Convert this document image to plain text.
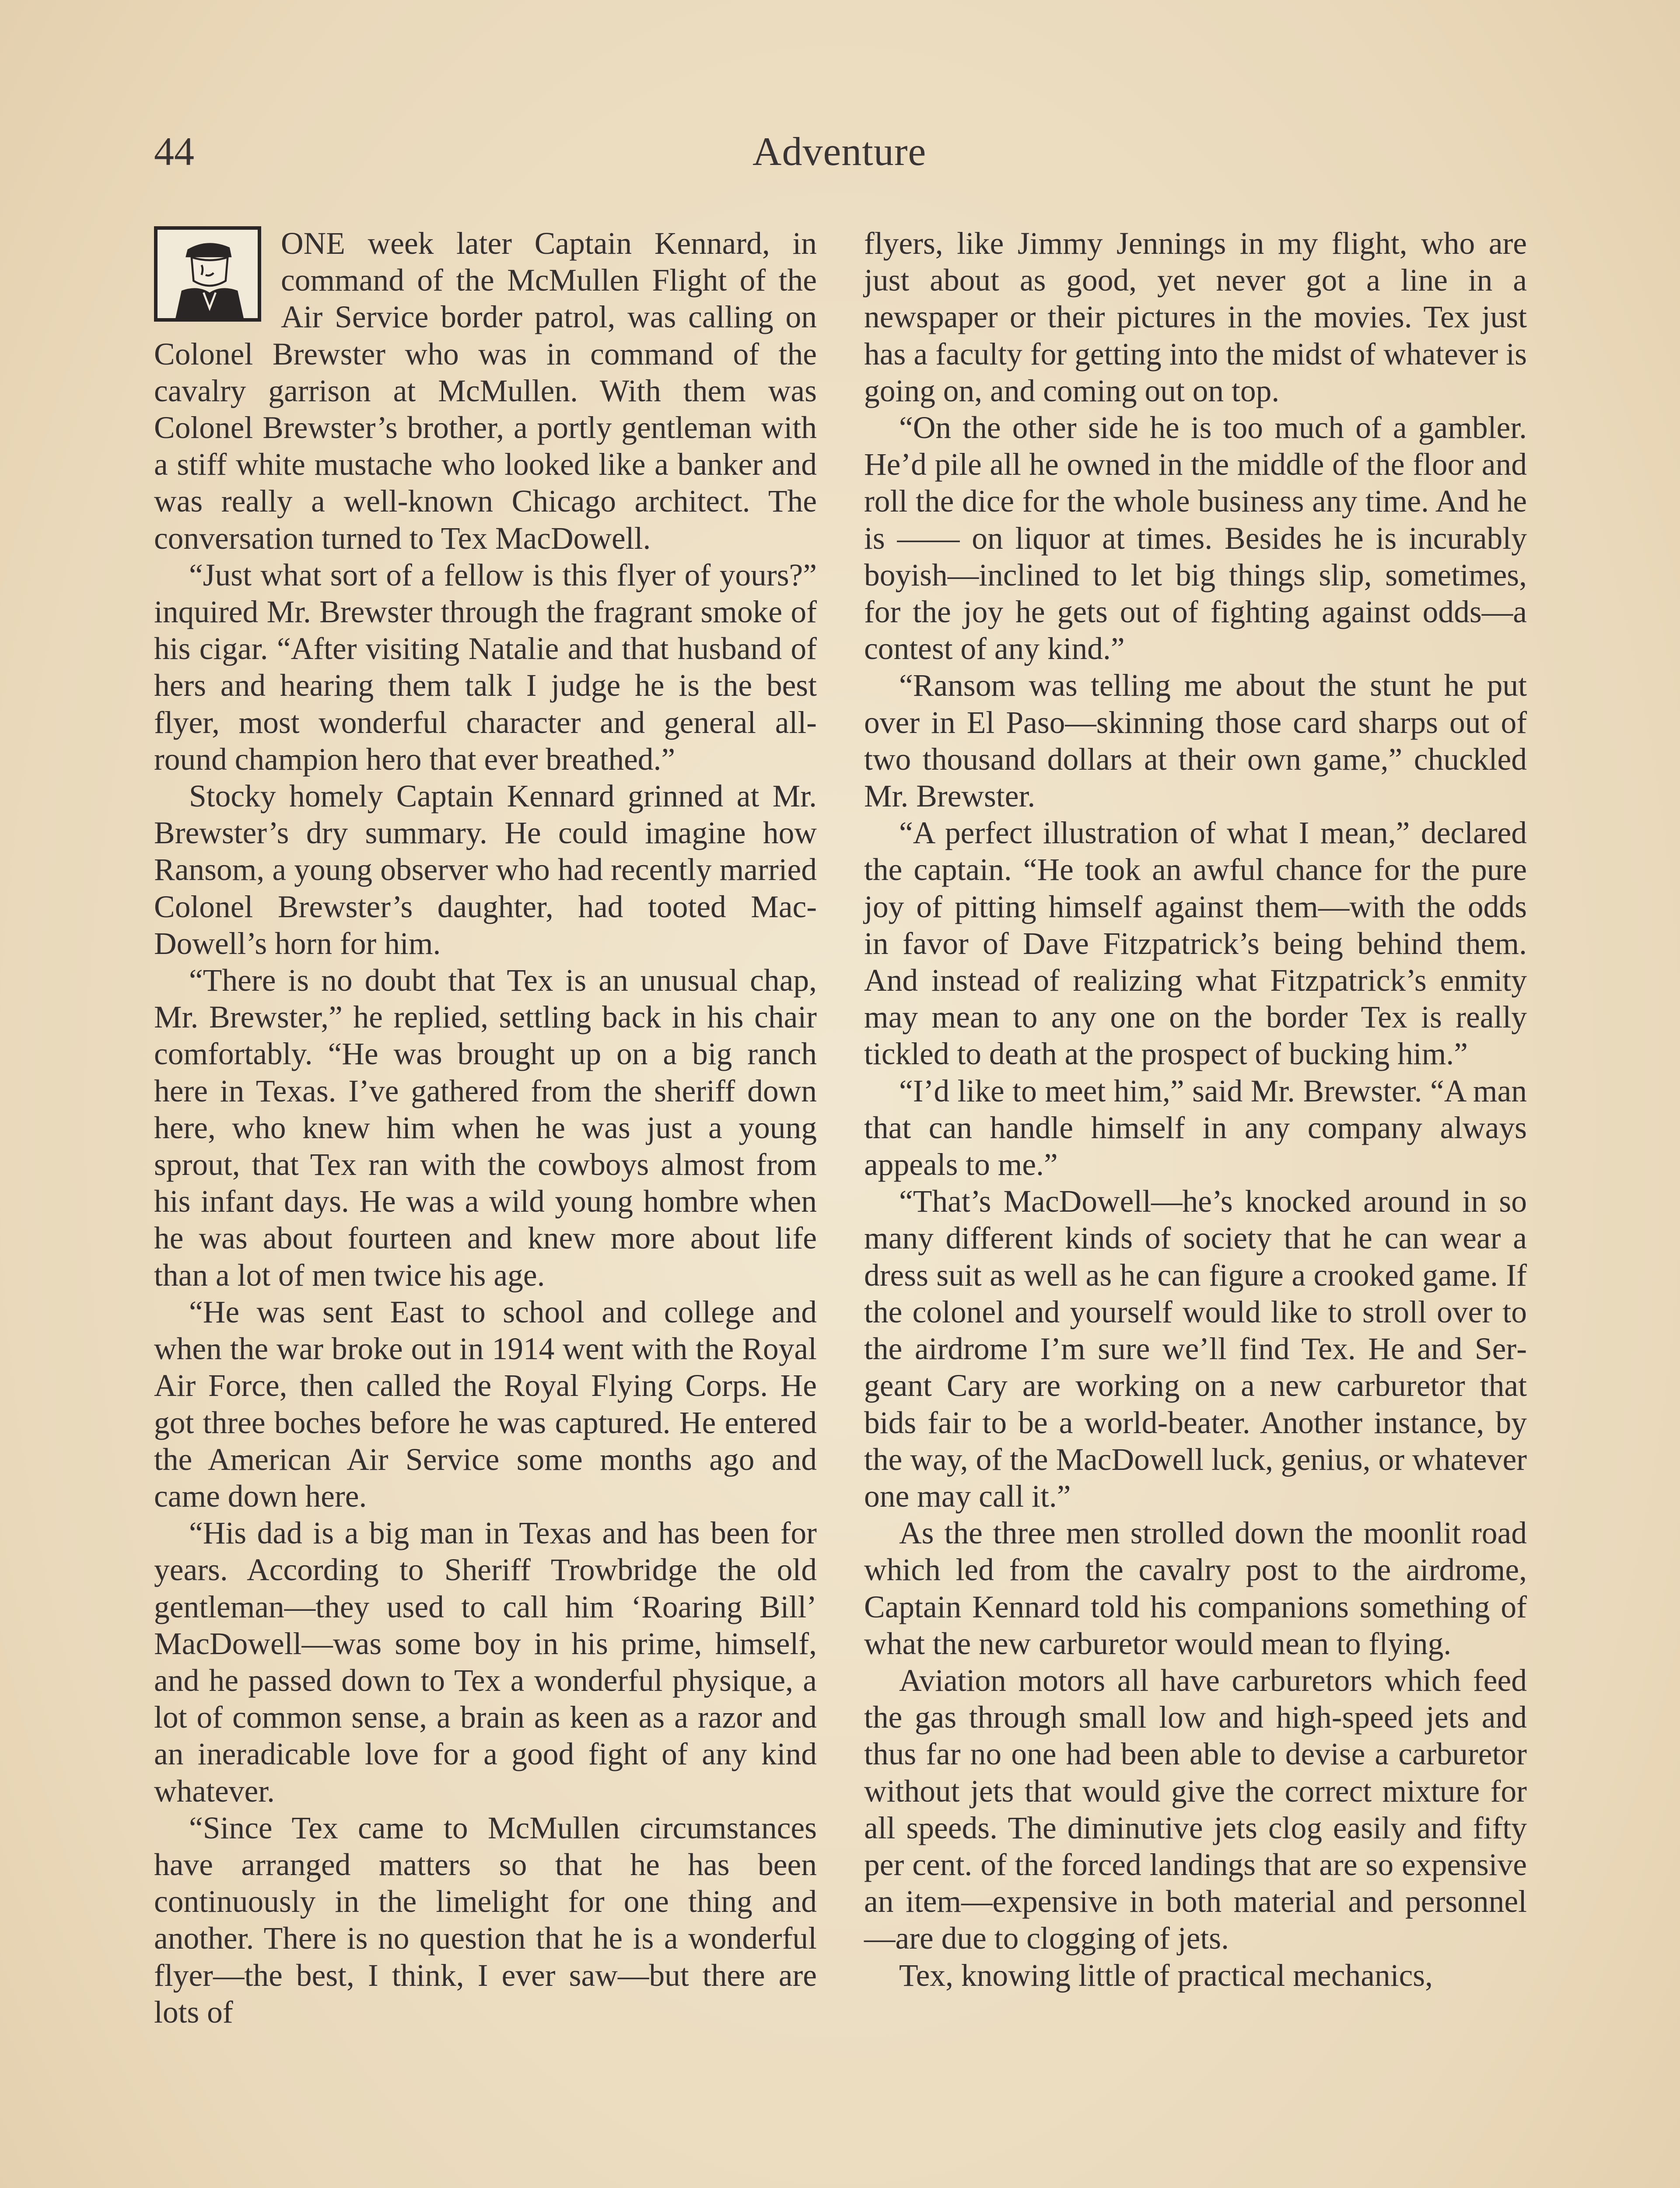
44	Adventure

ONE week later Captain Kennard, in command of the McMullen Flight of the Air Service border patrol, was calling on Colonel Brewster who was in command of the cavalry garrison at McMullen. With them was Colonel Brewster’s brother, a portly gentleman with a stiff white mustache who looked like a banker and was really a well-known Chicago architect. The conversation turned to Tex MacDowell.

“Just what sort of a fellow is this flyer of yours?” inquired Mr. Brewster through the fragrant smoke of his cigar. “After visiting Natalie and that husband of hers and hearing them talk I judge he is the best flyer, most wonderful character and general all-round champion hero that ever breathed.”

Stocky homely Captain Kennard grinned at Mr. Brewster’s dry summary. He could imagine how Ransom, a young observer who had recently married Colonel Brewster’s daughter, had tooted MacDowell’s horn for him.

“There is no doubt that Tex is an unusual chap, Mr. Brewster,” he replied, settling back in his chair comfortably. “He was brought up on a big ranch here in Texas. I’ve gathered from the sheriff down here, who knew him when he was just a young sprout, that Tex ran with the cowboys almost from his infant days. He was a wild young hombre when he was about fourteen and knew more about life than a lot of men twice his age.

“He was sent East to school and college and when the war broke out in 1914 went with the Royal Air Force, then called the Royal Flying Corps. He got three boches before he was captured. He entered the American Air Service some months ago and came down here.

“His dad is a big man in Texas and has been for years. According to Sheriff Trowbridge the old gentleman—they used to call him ‘Roaring Bill’ MacDowell—was some boy in his prime, himself, and he passed down to Tex a wonderful physique, a lot of common sense, a brain as keen as a razor and an ineradicable love for a good fight of any kind whatever.

“Since Tex came to McMullen circumstances have arranged matters so that he has been continuously in the limelight for one thing and another. There is no question that he is a wonderful flyer—the best, I think, I ever saw—but there are lots of

flyers, like Jimmy Jennings in my flight, who are just about as good, yet never got a line in a newspaper or their pictures in the movies. Tex just has a faculty for getting into the midst of whatever is going on, and coming out on top.

“On the other side he is too much of a gambler. He’d pile all he owned in the middle of the floor and roll the dice for the whole business any time. And he is —— on liquor at times. Besides he is incurably boyish—inclined to let big things slip, sometimes, for the joy he gets out of fighting against odds—a contest of any kind.”

“Ransom was telling me about the stunt he put over in El Paso—skinning those card sharps out of two thousand dollars at their own game,” chuckled Mr. Brewster.

“A perfect illustration of what I mean,” declared the captain. “He took an awful chance for the pure joy of pitting himself against them—with the odds in favor of Dave Fitzpatrick’s being behind them. And instead of realizing what Fitzpatrick’s enmity may mean to any one on the border Tex is really tickled to death at the prospect of bucking him.”

“I’d like to meet him,” said Mr. Brewster. “A man that can handle himself in any company always appeals to me.”

“That’s MacDowell—he’s knocked around in so many different kinds of society that he can wear a dress suit as well as he can figure a crooked game. If the colonel and yourself would like to stroll over to the airdrome I’m sure we’ll find Tex. He and Sergeant Cary are working on a new carburetor that bids fair to be a world-beater. Another instance, by the way, of the MacDowell luck, genius, or whatever one may call it.”

As the three men strolled down the moonlit road which led from the cavalry post to the airdrome, Captain Kennard told his companions something of what the new carburetor would mean to flying.

Aviation motors all have carburetors which feed the gas through small low and high-speed jets and thus far no one had been able to devise a carburetor without jets that would give the correct mixture for all speeds. The diminutive jets clog easily and fifty per cent. of the forced landings that are so expensive an item—expensive in both material and personnel—are due to clogging of jets.

Tex, knowing little of practical mechanics,
